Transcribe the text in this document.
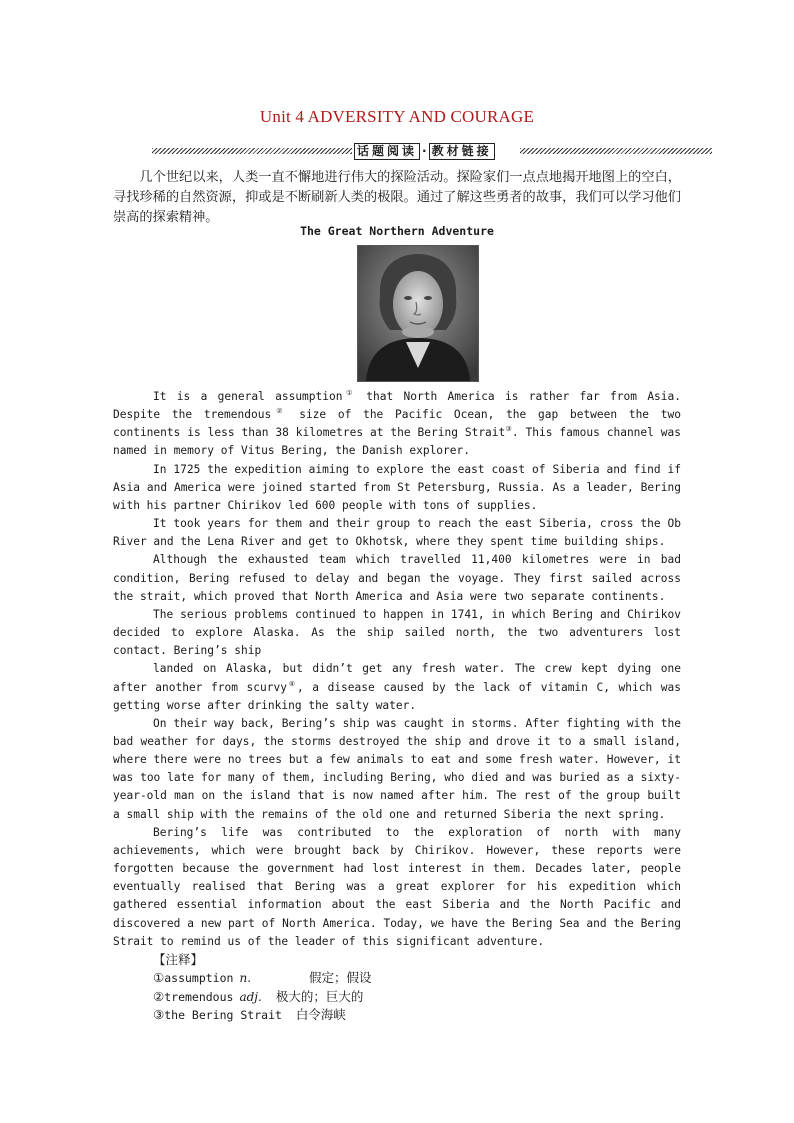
Unit 4 ADVERSITY AND COURAGE
话题阅读 · 教材链接

几个世纪以来，人类一直不懈地进行伟大的探险活动。探险家们一点点地揭开地图上的空白，寻找珍稀的自然资源，抑或是不断刷新人类的极限。通过了解这些勇者的故事，我们可以学习他们崇高的探索精神。

The Great Northern Adventure

It is a general assumption① that North America is rather far from Asia. Despite the tremendous② size of the Pacific Ocean, the gap between the two continents is less than 38 kilometres at the Bering Strait③. This famous channel was named in memory of Vitus Bering, the Danish explorer.

In 1725 the expedition aiming to explore the east coast of Siberia and find if Asia and America were joined started from St Petersburg, Russia. As a leader, Bering with his partner Chirikov led 600 people with tons of supplies.

It took years for them and their group to reach the east Siberia, cross the Ob River and the Lena River and get to Okhotsk, where they spent time building ships.

Although the exhausted team which travelled 11,400 kilometres were in bad condition, Bering refused to delay and began the voyage. They first sailed across the strait, which proved that North America and Asia were two separate continents.

The serious problems continued to happen in 1741, in which Bering and Chirikov decided to explore Alaska. As the ship sailed north, the two adventurers lost contact. Bering’s ship

landed on Alaska, but didn’t get any fresh water. The crew kept dying one after another from scurvy④, a disease caused by the lack of vitamin C, which was getting worse after drinking the salty water.

On their way back, Bering’s ship was caught in storms. After fighting with the bad weather for days, the storms destroyed the ship and drove it to a small island, where there were no trees but a few animals to eat and some fresh water. However, it was too late for many of them, including Bering, who died and was buried as a sixty-year-old man on the island that is now named after him. The rest of the group built a small ship with the remains of the old one and returned Siberia the next spring.

Bering’s life was contributed to the exploration of north with many achievements, which were brought back by Chirikov. However, these reports were forgotten because the government had lost interest in them. Decades later, people eventually realised that Bering was a great explorer for his expedition which gathered essential information about the east Siberia and the North Pacific and discovered a new part of North America. Today, we have the Bering Sea and the Bering Strait to remind us of the leader of this significant adventure.

【注释】

① assumption n.	假定；假设
② tremendous adj. 极大的；巨大的
③ the Bering Strait 白令海峡
